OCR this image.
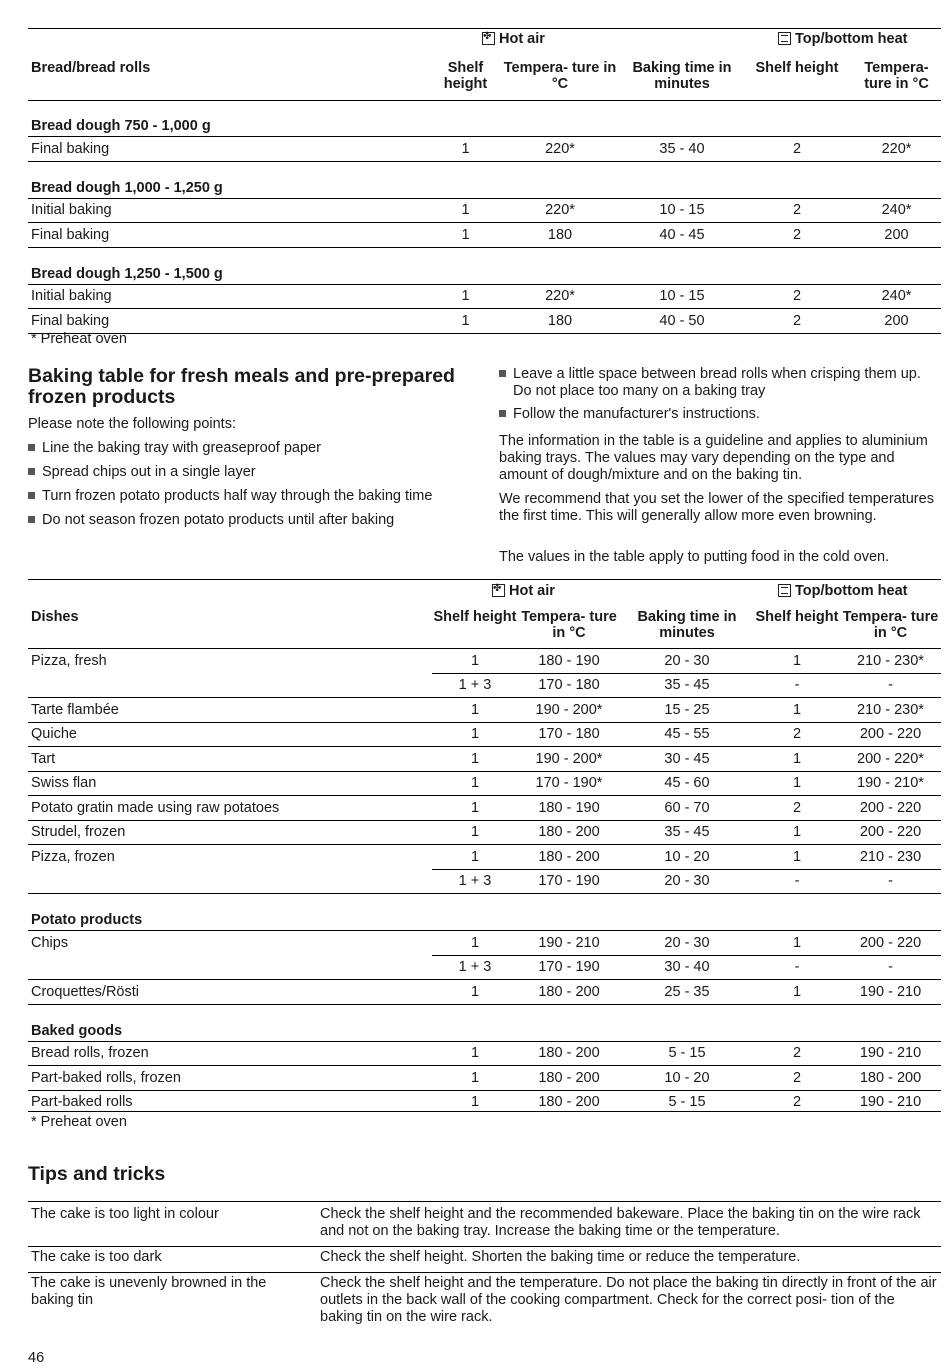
✤Hot air	Top/bottom heat
Bread/bread rolls	Shelf height	Tempera- ture in °C	Baking time in minutes	Shelf height	Tempera- ture in °C
Bread dough 750 - 1,000 g					
Final baking	1	220*	35 - 40	2	220*
Bread dough 1,000 - 1,250 g					
Initial baking	1	220*	10 - 15	2	240*
Final baking	1	180	40 - 45	2	200
Bread dough 1,250 - 1,500 g					
Initial baking	1	220*	10 - 15	2	240*
Final baking	1	180	40 - 50	2	200
* Preheat oven
Baking table for fresh meals and pre-prepared frozen products

Please note the following points:

Line the baking tray with greaseproof paper
Spread chips out in a single layer
Turn frozen potato products half way through the baking time
Do not season frozen potato products until after baking
Leave a little space between bread rolls when crisping them up. Do not place too many on a baking tray
Follow the manufacturer's instructions.

The information in the table is a guideline and applies to aluminium baking trays. The values may vary depending on the type and amount of dough/mixture and on the baking tin.

We recommend that you set the lower of the specified temperatures the first time. This will generally allow more even browning.

The values in the table apply to putting food in the cold oven.

✤Hot air	Top/bottom heat
Dishes	Shelf height	Tempera- ture in °C	Baking time in minutes	Shelf height	Tempera- ture in °C
Pizza, fresh	1	180 - 190	20 - 30	1	210 - 230*
	1 + 3	170 - 180	35 - 45	-	-
Tarte flambée	1	190 - 200*	15 - 25	1	210 - 230*
Quiche	1	170 - 180	45 - 55	2	200 - 220
Tart	1	190 - 200*	30 - 45	1	200 - 220*
Swiss flan	1	170 - 190*	45 - 60	1	190 - 210*
Potato gratin made using raw potatoes	1	180 - 190	60 - 70	2	200 - 220
Strudel, frozen	1	180 - 200	35 - 45	1	200 - 220
Pizza, frozen	1	180 - 200	10 - 20	1	210 - 230
	1 + 3	170 - 190	20 - 30	-	-
Potato products					
Chips	1	190 - 210	20 - 30	1	200 - 220
	1 + 3	170 - 190	30 - 40	-	-
Croquettes/Rösti	1	180 - 200	25 - 35	1	190 - 210
Baked goods					
Bread rolls, frozen	1	180 - 200	5 - 15	2	190 - 210
Part-baked rolls, frozen	1	180 - 200	10 - 20	2	180 - 200
Part-baked rolls	1	180 - 200	5 - 15	2	190 - 210
* Preheat oven
Tips and tricks
The cake is too light in colour	Check the shelf height and the recommended bakeware. Place the baking tin on the wire rack and not on the baking tray. Increase the baking time or the temperature.
The cake is too dark	Check the shelf height. Shorten the baking time or reduce the temperature.
The cake is unevenly browned in the baking tin	Check the shelf height and the temperature. Do not place the baking tin directly in front of the air outlets in the back wall of the cooking compartment. Check for the correct posi- tion of the baking tin on the wire rack.
46
